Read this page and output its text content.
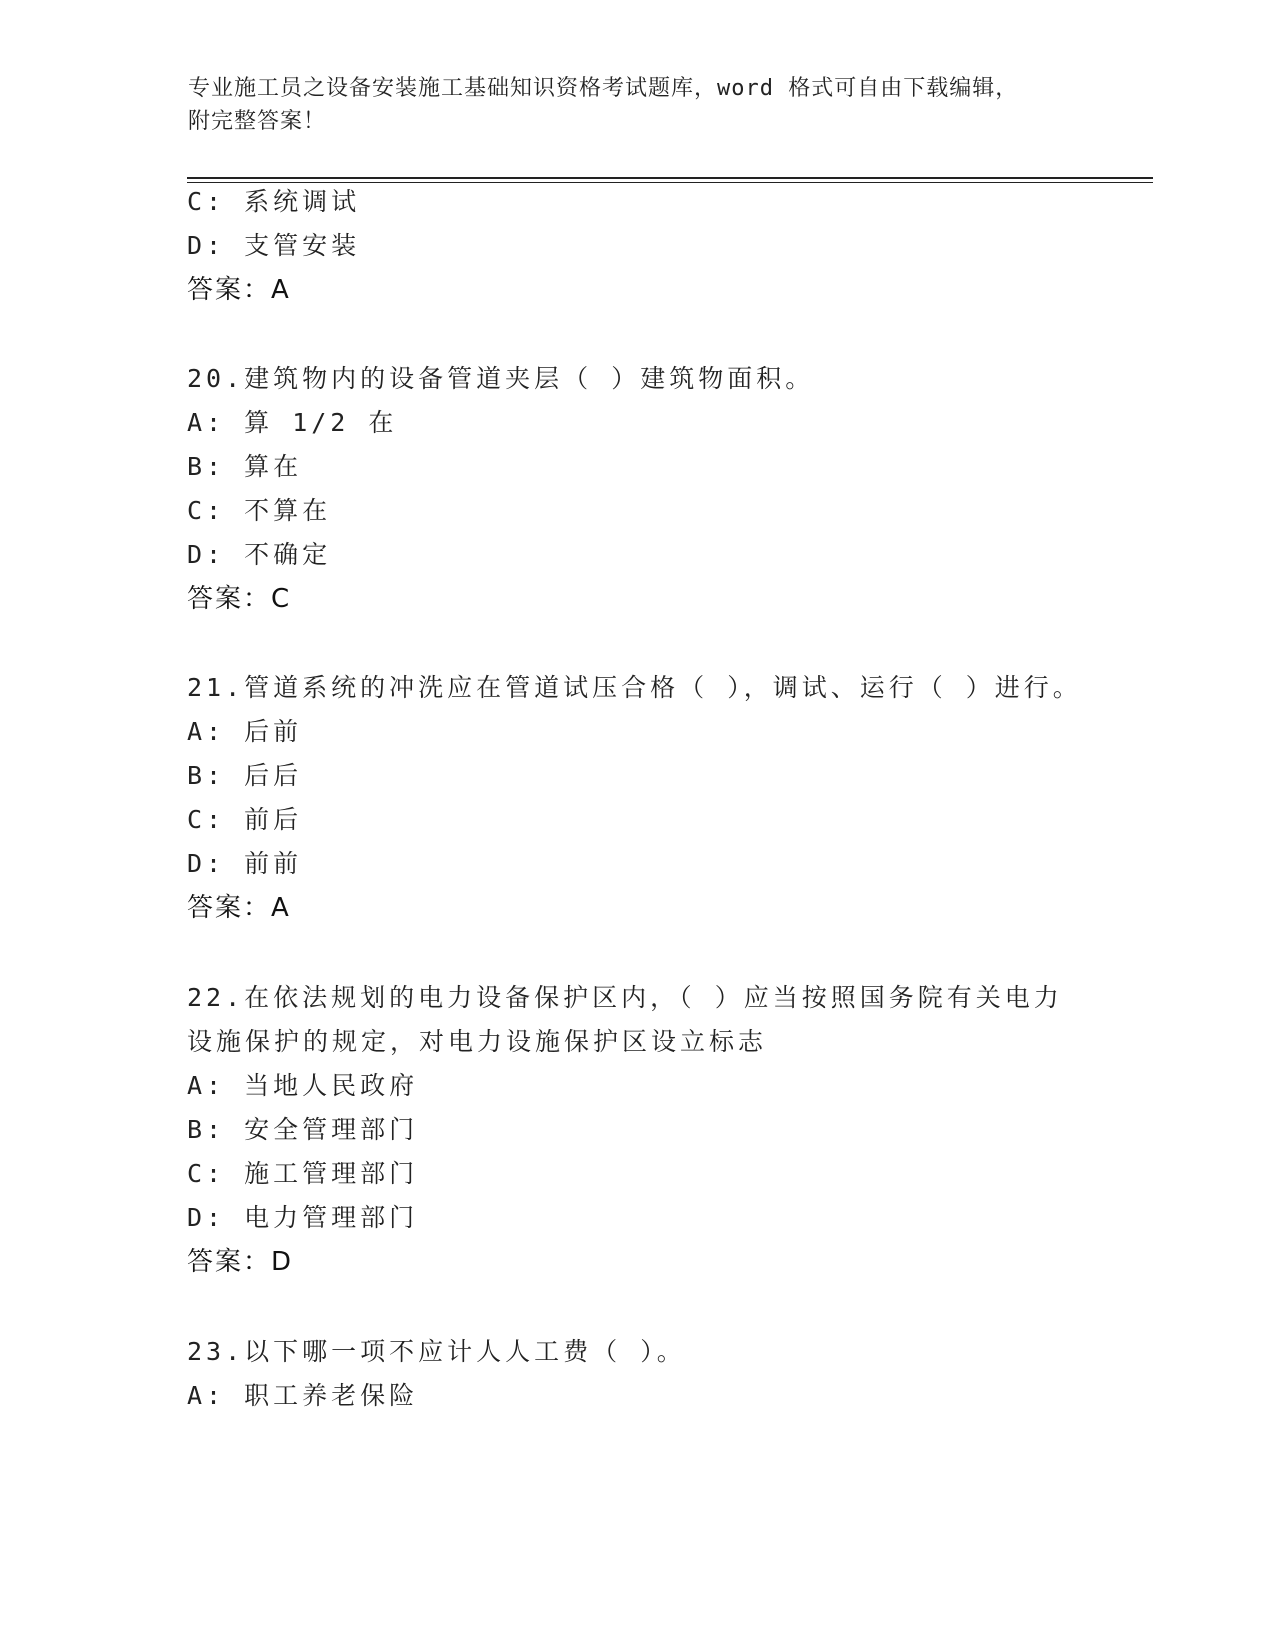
专业施工员之设备安装施工基础知识资格考试题库，word 格式可自由下载编辑，
附完整答案！
C: 系统调试
D: 支管安装
答案：A
20.建筑物内的设备管道夹层（ ）建筑物面积。
A: 算 1/2 在
B: 算在
C: 不算在
D: 不确定
答案：C
21.管道系统的冲洗应在管道试压合格（ ），调试、运行（ ）进行。
A: 后前
B: 后后
C: 前后
D: 前前
答案：A
22.在依法规划的电力设备保护区内，（ ）应当按照国务院有关电力
设施保护的规定，对电力设施保护区设立标志
A: 当地人民政府
B: 安全管理部门
C: 施工管理部门
D: 电力管理部门
答案：D
23.以下哪一项不应计人人工费（ ）。
A: 职工养老保险
